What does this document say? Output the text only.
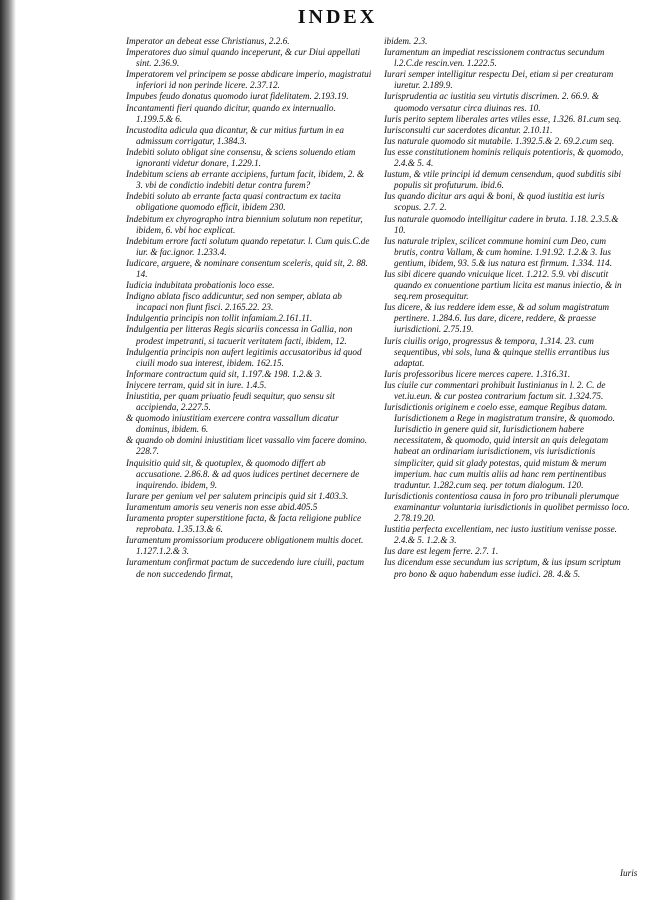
INDEX

Imperator an debeat esse Christianus, 2.2.6.

Imperatores duo simul quando inceperunt, & cur Diui appellati sint. 2.36.9.

Imperatorem vel principem se posse abdicare imperio, magistratui inferiori id non perinde licere. 2.37.12.

Impubes feudo donatus quomodo iurat fidelitatem. 2.193.19.

Incantamenti fieri quando dicitur, quando ex internuallo. 1.199.5.& 6.

Incustodita adicula qua dicantur, & cur mitius furtum in ea admissum corrigatur, 1.384.3.

Indebiti soluto obligat sine consensu, & sciens soluendo etiam ignoranti videtur donare, 1.229.1.

Indebitum sciens ab errante accipiens, furtum facit, ibidem, 2. & 3. vbi de condictio indebiti detur contra furem?

Indebiti soluto ab errante facta quasi contractum ex tacita obligatione quomodo efficit, ibidem 230.

Indebitum ex chyrographo intra biennium solutum non repetitur, ibidem, 6. vbi hoc explicat.

Indebitum errore facti solutum quando repetatur. l. Cum quis.C.de iur. & fac.ignor. 1.233.4.

Iudicare, arguere, & nominare consentum sceleris, quid sit, 2. 88. 14.

Iudicia indubitata probationis loco esse.

Indigno ablata fisco addicuntur, sed non semper, ablata ab incapaci non fiunt fisci. 2.165.22. 23.

Indulgentia principis non tollit infamiam.2.161.11.

Indulgentia per litteras Regis sicariis concessa in Gallia, non prodest impetranti, si tacuerit veritatem facti, ibidem, 12.

Indulgentia principis non aufert legitimis accusatoribus id quod ciuili modo sua interest, ibidem. 162.15.

Informare contractum quid sit, 1.197.& 198. 1.2.& 3.

Iniycere terram, quid sit in iure. 1.4.5.

Iniustitia, per quam priuatio feudi sequitur, quo sensu sit accipienda, 2.227.5.

& quomodo iniustitiam exercere contra vassallum dicatur dominus, ibidem. 6.

& quando ob domini iniustitiam licet vassallo vim facere domino. 228.7.

Inquisitio quid sit, & quotuplex, & quomodo differt ab accusatione. 2.86.8. & ad quos iudices pertinet decernere de inquirendo. ibidem, 9.

Iurare per genium vel per salutem principis quid sit 1.403.3.

Iuramentum amoris seu veneris non esse abid.405.5

Iuramenta propter superstitione facta, & facta religione publice reprobata. 1.35.13.& 6.

Iuramentum promissorium producere obligationem multis docet. 1.127.1.2.& 3.

Iuramentum confirmat pactum de succedendo iure ciuili, pactum de non succedendo firmat,

ibidem. 2.3.

Iuramentum an impediat rescissionem contractus secundum l.2.C.de rescin.ven. 1.222.5.

Iurari semper intelligitur respectu Dei, etiam si per creaturam iuretur. 2.189.9.

Iurisprudentia ac iustitia seu virtutis discrimen. 2. 66.9. & quomodo versatur circa diuinas res. 10.

Iuris perito septem liberales artes vtiles esse, 1.326. 81.cum seq.

Iurisconsulti cur sacerdotes dicantur. 2.10.11.

Ius naturale quomodo sit mutabile. 1.392.5.& 2. 69.2.cum seq.

Ius esse constitutionem hominis reliquis potentioris, & quomodo, 2.4.& 5. 4.

Iustum, & vtile principi id demum censendum, quod subditis sibi populis sit profuturum. ibid.6.

Ius quando dicitur ars aqui & boni, & quod iustitia est iuris scopus. 2.7. 2.

Ius naturale quomodo intelligitur cadere in bruta. 1.18. 2.3.5.& 10.

Ius naturale triplex, scilicet commune homini cum Deo, cum brutis, contra Vallam, & cum homine. 1.91.92. 1.2.& 3. Ius gentium, ibidem, 93. 5.& ius natura est firmum. 1.334. 114.

Ius sibi dicere quando vnicuique licet. 1.212. 5.9. vbi discutit quando ex conuentione partium licita est manus iniectio, & in seq.rem prosequitur.

Ius dicere, & ius reddere idem esse, & ad solum magistratum pertinere. 1.284.6. Ius dare, dicere, reddere, & praesse iurisdictioni. 2.75.19.

Iuris ciuilis origo, progressus & tempora, 1.314. 23. cum sequentibus, vbi sols, luna & quinque stellis errantibus ius adaptat.

Iuris professoribus licere merces capere. 1.316.31.

Ius ciuile cur commentari prohibuit Iustinianus in l. 2. C. de vet.iu.eun. & cur postea contrarium factum sit. 1.324.75.

Iurisdictionis originem e coelo esse, eamque Regibus datam. Iurisdictionem a Rege in magistratum transire, & quomodo. Iurisdictio in genere quid sit, Iurisdictionem habere necessitatem, & quomodo, quid intersit an quis delegatam habeat an ordinariam iurisdictionem, vis iurisdictionis simpliciter, quid sit glady potestas, quid mistum & merum imperium. hac cum multis aliis ad hanc rem pertinentibus traduntur. 1.282.cum seq. per totum dialogum. 120.

Iurisdictionis contentiosa causa in foro pro tribunali plerumque examinantur voluntaria iurisdictionis in quolibet permisso loco. 2.78.19.20.

Iustitia perfecta excellentiam, nec iusto iustitium venisse posse. 2.4.& 5. 1.2.& 3.

Ius dare est legem ferre. 2.7. 1.

Ius dicendum esse secundum ius scriptum, & ius ipsum scriptum pro bono & aquo habendum esse iudici. 28. 4.& 5.

Iuris
